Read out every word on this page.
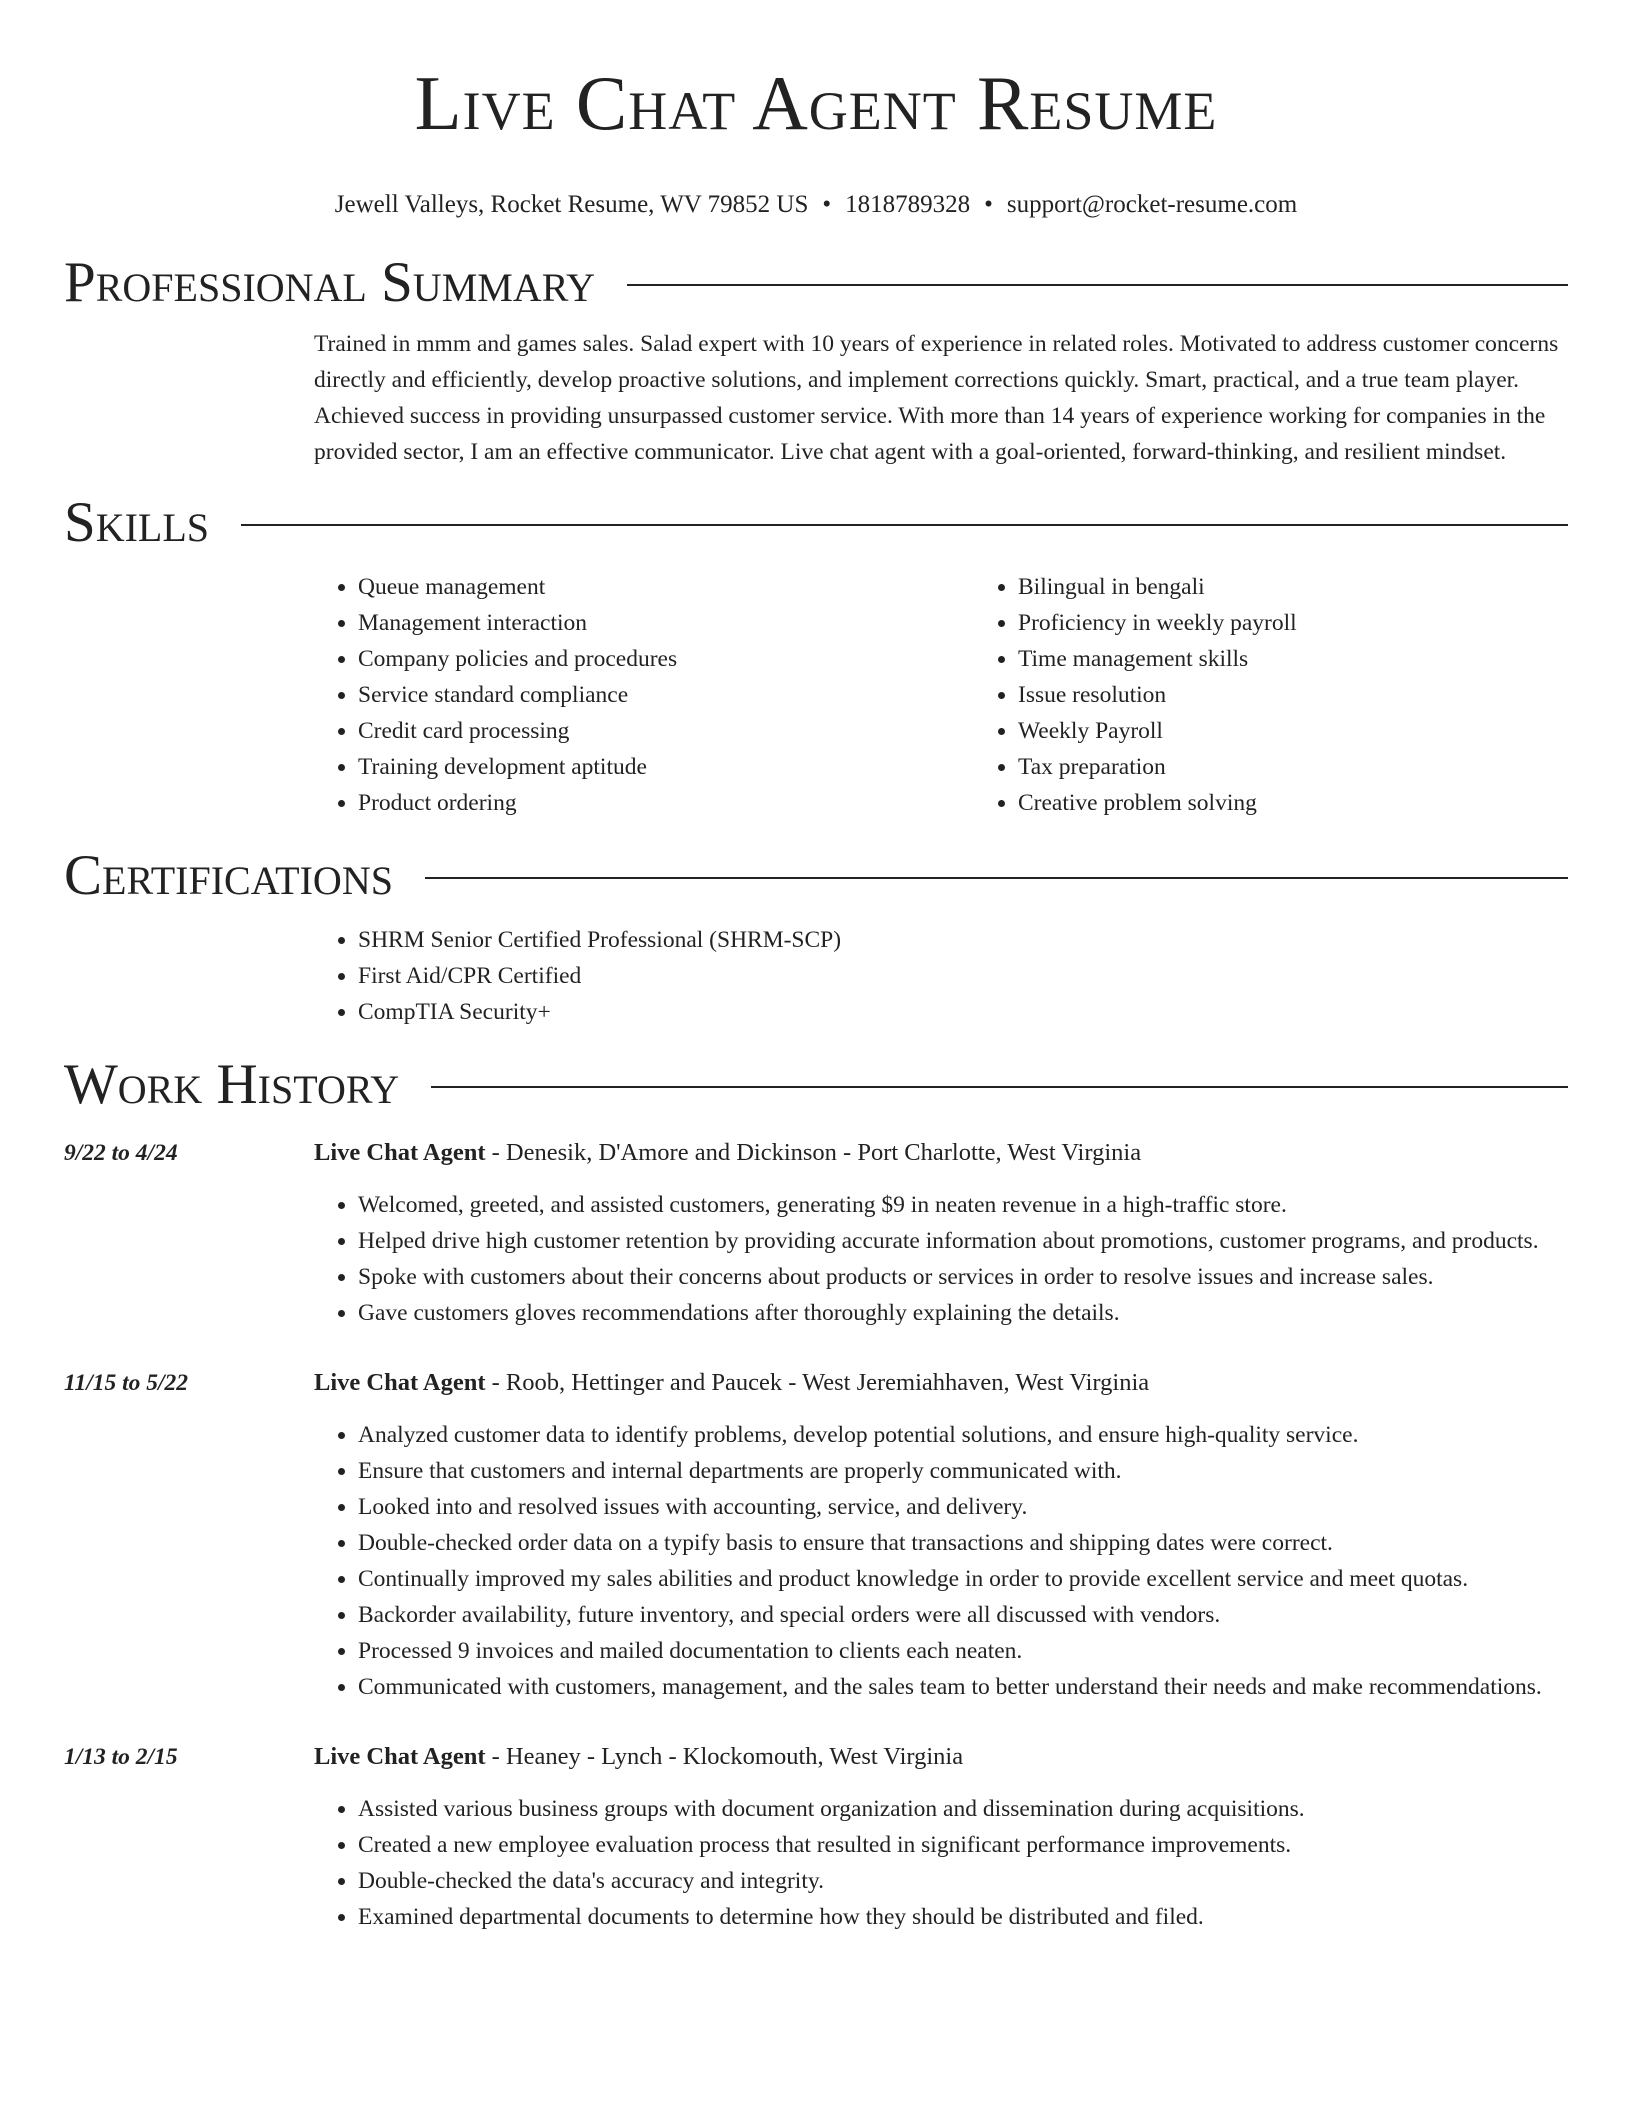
Live Chat Agent Resume
Jewell Valleys, Rocket Resume, WV 79852 US • 1818789328 • support@rocket-resume.com
Professional Summary
Trained in mmm and games sales. Salad expert with 10 years of experience in related roles. Motivated to address customer concerns directly and efficiently, develop proactive solutions, and implement corrections quickly. Smart, practical, and a true team player. Achieved success in providing unsurpassed customer service. With more than 14 years of experience working for companies in the provided sector, I am an effective communicator. Live chat agent with a goal-oriented, forward-thinking, and resilient mindset.
Skills
• Queue management
• Management interaction
• Company policies and procedures
• Service standard compliance
• Credit card processing
• Training development aptitude
• Product ordering
• Bilingual in bengali
• Proficiency in weekly payroll
• Time management skills
• Issue resolution
• Weekly Payroll
• Tax preparation
• Creative problem solving
Certifications
• SHRM Senior Certified Professional (SHRM-SCP)
• First Aid/CPR Certified
• CompTIA Security+
Work History
9/22 to 4/24	Live Chat Agent - Denesik, D'Amore and Dickinson - Port Charlotte, West Virginia
• Welcomed, greeted, and assisted customers, generating $9 in neaten revenue in a high-traffic store.
• Helped drive high customer retention by providing accurate information about promotions, customer programs, and products.
• Spoke with customers about their concerns about products or services in order to resolve issues and increase sales.
• Gave customers gloves recommendations after thoroughly explaining the details.
11/15 to 5/22	Live Chat Agent - Roob, Hettinger and Paucek - West Jeremiahhaven, West Virginia
• Analyzed customer data to identify problems, develop potential solutions, and ensure high-quality service.
• Ensure that customers and internal departments are properly communicated with.
• Looked into and resolved issues with accounting, service, and delivery.
• Double-checked order data on a typify basis to ensure that transactions and shipping dates were correct.
• Continually improved my sales abilities and product knowledge in order to provide excellent service and meet quotas.
• Backorder availability, future inventory, and special orders were all discussed with vendors.
• Processed 9 invoices and mailed documentation to clients each neaten.
• Communicated with customers, management, and the sales team to better understand their needs and make recommendations.
1/13 to 2/15	Live Chat Agent - Heaney - Lynch - Klockomouth, West Virginia
• Assisted various business groups with document organization and dissemination during acquisitions.
• Created a new employee evaluation process that resulted in significant performance improvements.
• Double-checked the data's accuracy and integrity.
• Examined departmental documents to determine how they should be distributed and filed.
